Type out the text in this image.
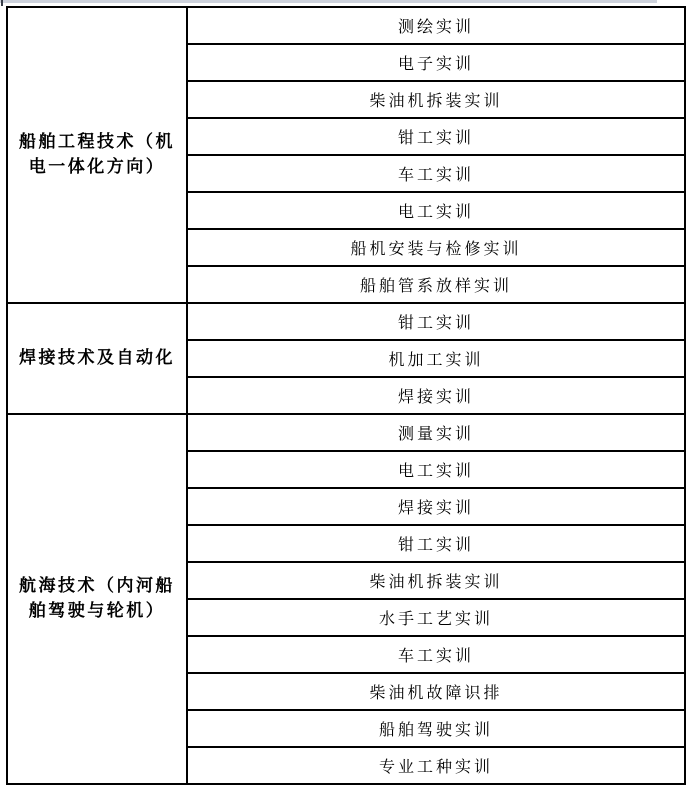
船舶工程技术（机
电一体化方向）	测绘实训
	电子实训
	柴油机拆装实训
	钳工实训
	车工实训
	电工实训
	船机安装与检修实训
	船舶管系放样实训

焊接技术及自动化	钳工实训
	机加工实训
	焊接实训

航海技术（内河船
舶驾驶与轮机）	测量实训
	电工实训
	焊接实训
	钳工实训
	柴油机拆装实训
	水手工艺实训
	车工实训
	柴油机故障识排
	船舶驾驶实训
	专业工种实训
